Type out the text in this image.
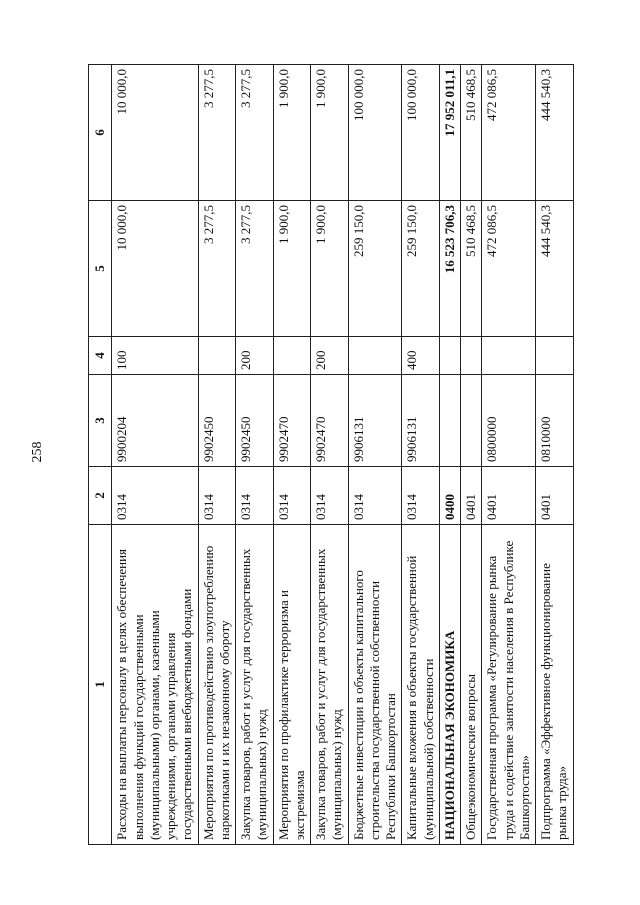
258
1	2	3	4	5	6
Расходы на выплаты персоналу в целях обеспечения выполнения функций государственными (муниципальными) органами, казенными учреждениями, органами управления государственными внебюджетными фондами	0314	9900204	100	10 000,0	10 000,0
Мероприятия по противодействию злоупотреблению наркотиками и их незаконному обороту	0314	9902450		3 277,5	3 277,5
Закупка товаров, работ и услуг для государственных (муниципальных) нужд	0314	9902450	200	3 277,5	3 277,5
Мероприятия по профилактике терроризма и экстремизма	0314	9902470		1 900,0	1 900,0
Закупка товаров, работ и услуг для государственных (муниципальных) нужд	0314	9902470	200	1 900,0	1 900,0
Бюджетные инвестиции в объекты капитального строительства государственной собственности Республики Башкортостан	0314	9906131		259 150,0	100 000,0
Капитальные вложения в объекты государственной (муниципальной) собственности	0314	9906131	400	259 150,0	100 000,0
НАЦИОНАЛЬНАЯ ЭКОНОМИКА	0400			16 523 706,3	17 952 011,1
Общеэкономические вопросы	0401			510 468,5	510 468,5
Государственная программа «Регулирование рынка труда и содействие занятости населения в Республике Башкортостан»	0401	0800000		472 086,5	472 086,5
Подпрограмма «Эффективное функционирование рынка труда»	0401	0810000		444 540,3	444 540,3
